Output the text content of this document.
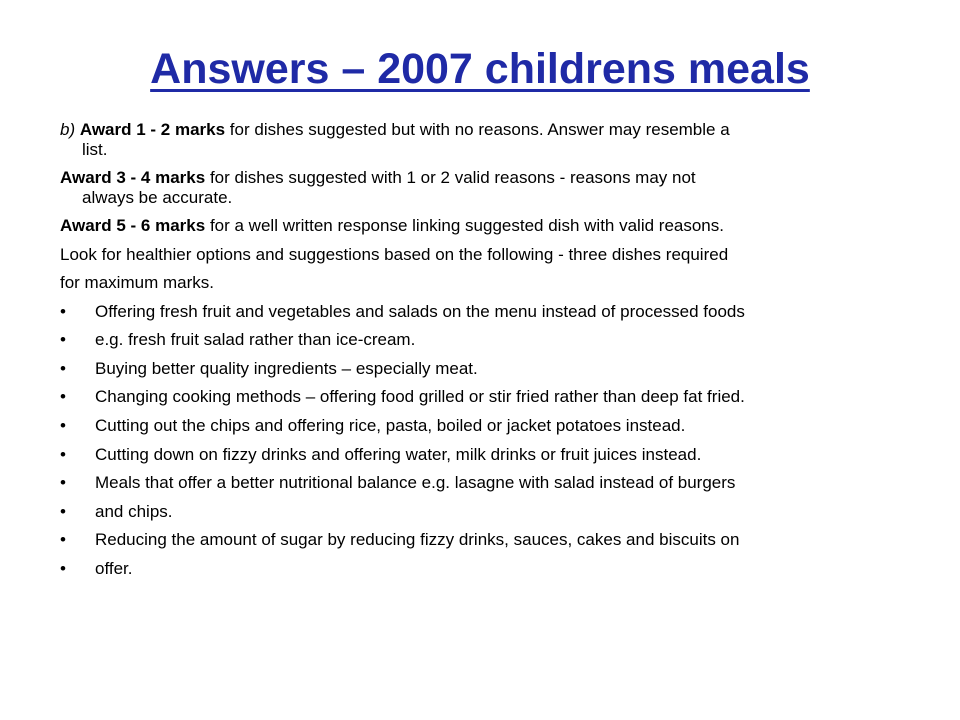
Answers – 2007 childrens meals

b) Award 1 - 2 marks for dishes suggested but with no reasons. Answer may resemble a
list.

Award 3 - 4 marks for dishes suggested with 1 or 2 valid reasons - reasons may not
always be accurate.

Award 5 - 6 marks for a well written response linking suggested dish with valid reasons.

Look for healthier options and suggestions based on the following - three dishes required

for maximum marks.

• Offering fresh fruit and vegetables and salads on the menu instead of processed foods
• e.g. fresh fruit salad rather than ice-cream.
• Buying better quality ingredients – especially meat.
• Changing cooking methods – offering food grilled or stir fried rather than deep fat fried.
• Cutting out the chips and offering rice, pasta, boiled or jacket potatoes instead.
• Cutting down on fizzy drinks and offering water, milk drinks or fruit juices instead.
• Meals that offer a better nutritional balance e.g. lasagne with salad instead of burgers
• and chips.
• Reducing the amount of sugar by reducing fizzy drinks, sauces, cakes and biscuits on
• offer.
